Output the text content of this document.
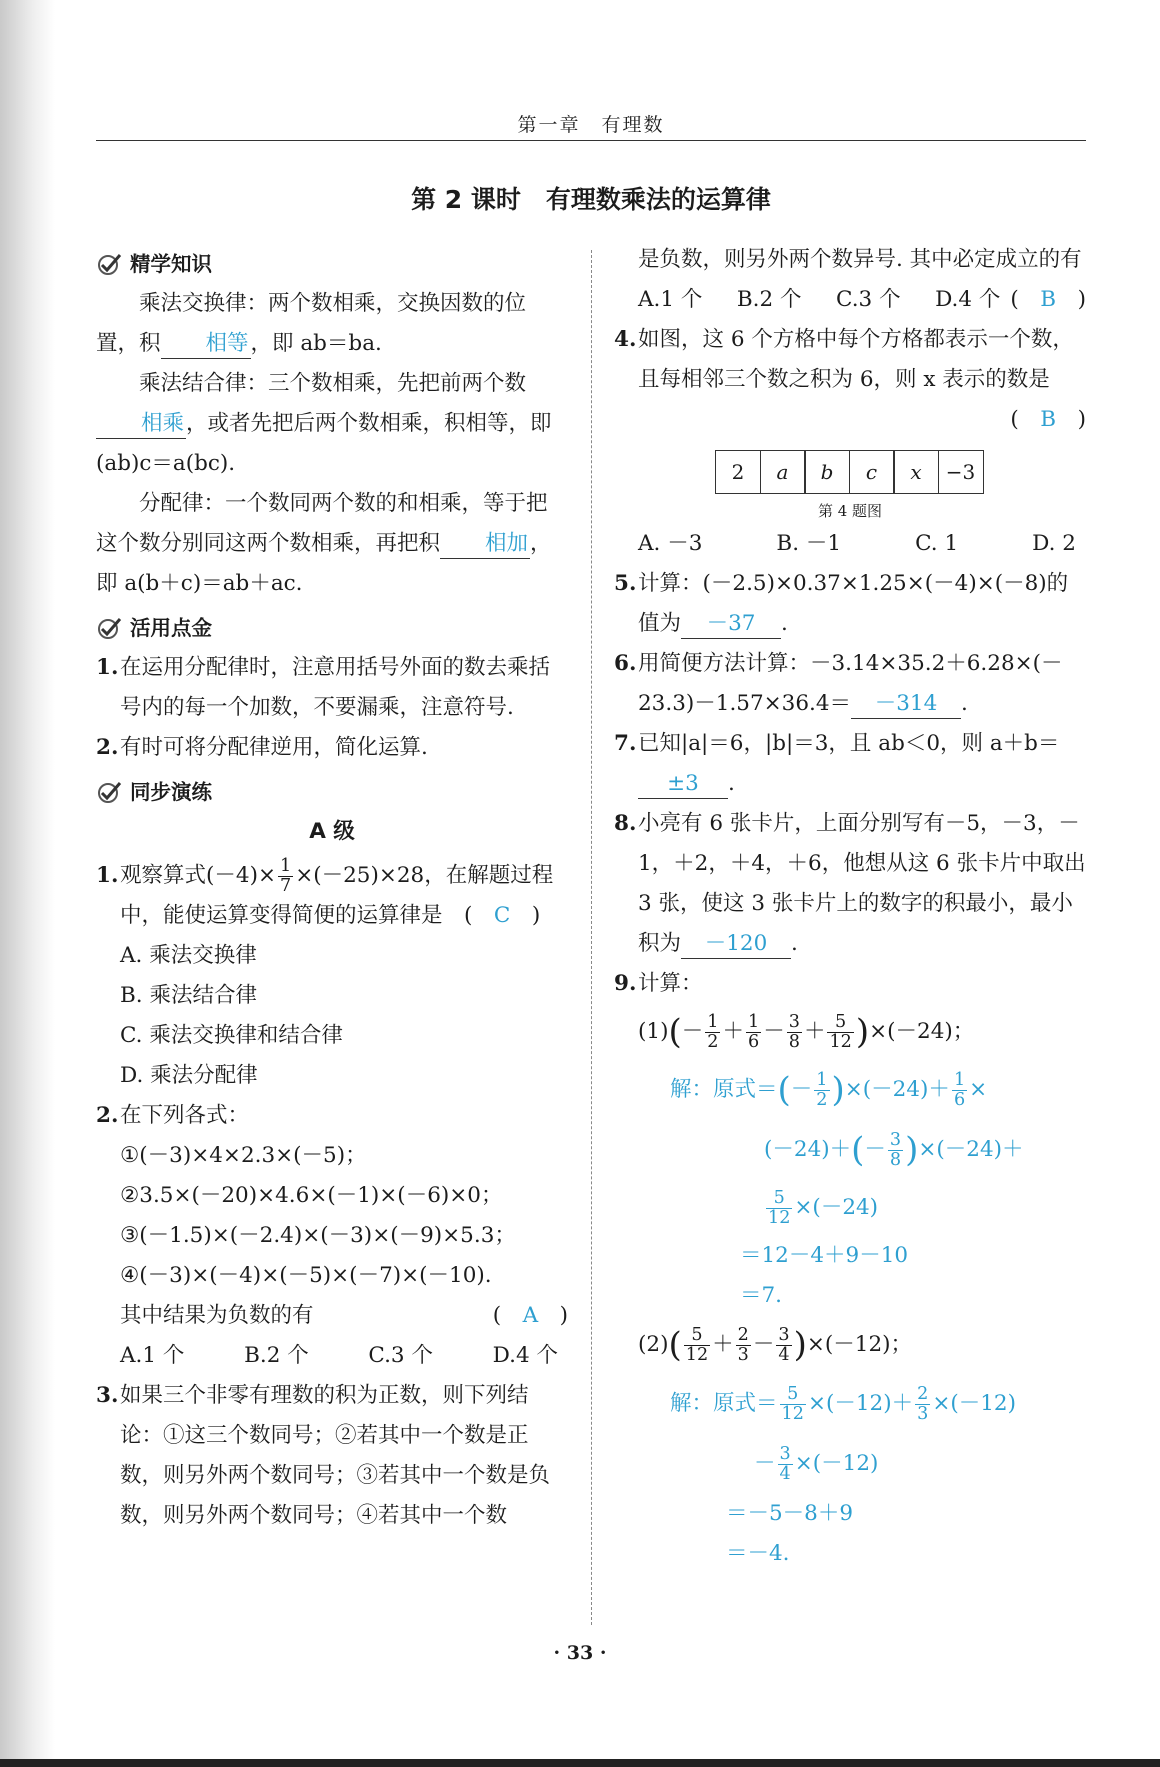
第一章　有理数
第 2 课时　有理数乘法的运算律
精学知识

乘法交换律：两个数相乘，交换因数的位置，积 相等，即 ab＝ba.

乘法结合律：三个数相乘，先把前两个数相乘，或者先把后两个数相乘，积相等，即(ab)c＝a(bc).

分配律：一个数同两个数的和相乘，等于把这个数分别同这两个数相乘，再把积 相加，即 a(b＋c)＝ab＋ac.

活用点金
1. 在运用分配律时，注意用括号外面的数去乘括号内的每一个加数，不要漏乘，注意符号.
2. 有时可将分配律逆用，简化运算.
同步演练
A 级
1. 观察算式$(-4)\times \frac{1}{7} \times(-25)\times 28$，在解题过程中，能使运算变得简便的运算律是　(　C　)
A. 乘法交换律
B. 乘法结合律
C. 乘法交换律和结合律
D. 乘法分配律
2. 在下列各式：
①(－3)×4×2.3×(－5)；
②3.5×(－20)×4.6×(－1)×(－6)×0；
③(－1.5)×(－2.4)×(－3)×(－9)×5.3；
④(－3)×(－4)×(－5)×(－7)×(－10).
其中结果为负数的有	(　A　)
A.1 个	B.2 个	C.3 个	D.4 个
3. 如果三个非零有理数的积为正数，则下列结论：①这三个数同号；②若其中一个数是正数，则另外两个数同号；③若其中一个数是负数，则另外两个数同号；④若其中一个数
是负数，则另外两个数异号. 其中必定成立的有
(　B　)
A.1 个 B.2 个 C.3 个 D.4 个
4. 如图，这 6 个方格中每个方格都表示一个数，且每相邻三个数之积为 6，则 x 表示的数是
(　B　)
2	a	b	c	x	−3
第 4 题图
A. －3	B. －1	C. 1	D. 2
5. 计算：(－2.5)×0.37×1.25×(－4)×(－8)的值为 －37 .
6. 用简便方法计算：－3.14×35.2＋6.28×(－23.3)－1.57×36.4＝ －314 .
7. 已知|a|＝6，|b|＝3，且 ab＜0，则 a＋b＝±3 .
8. 小亮有 6 张卡片，上面分别写有－5，－3，－1，＋2，＋4，＋6，他想从这 6 张卡片中取出 3 张，使这 3 张卡片上的数字的积最小，最小积为 －120 .
9. 计算：
$(1)(- \frac{1}{2} + \frac{1}{6} - \frac{3}{8} + \frac{5}{12} )\times(-24)$；
解：原式＝(－ $\frac{1}{2} )\times(-24)+ \frac{1}{6}$ ×
$(-24)+(- \frac{3}{8} )\times(-24)+$
$\frac{5}{12} \times(-24)$
＝12－4＋9－10
＝7.
$(2)( \frac{5}{12} + \frac{2}{3} - \frac{3}{4} )\times(-12)$；
解：原式＝ $\frac{5}{12} \times(-12)+ \frac{2}{3} \times(-12)$
－ $\frac{3}{4} \times(-12)$
＝－5－8＋9
＝－4.
· 33 ·
